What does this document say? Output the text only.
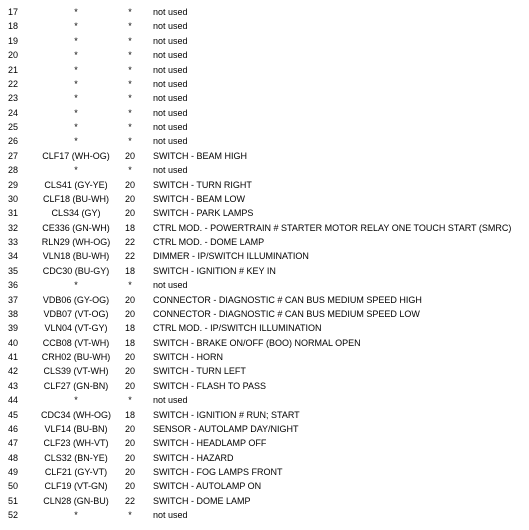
17	*	*	not used
18	*	*	not used
19	*	*	not used
20	*	*	not used
21	*	*	not used
22	*	*	not used
23	*	*	not used
24	*	*	not used
25	*	*	not used
26	*	*	not used
27	CLF17 (WH-OG)	20	SWITCH - BEAM HIGH
28	*	*	not used
29	CLS41 (GY-YE)	20	SWITCH - TURN RIGHT
30	CLF18 (BU-WH)	20	SWITCH - BEAM LOW
31	CLS34 (GY)	20	SWITCH - PARK LAMPS
32	CE336 (GN-WH)	18	CTRL MOD. - POWERTRAIN # STARTER MOTOR RELAY ONE TOUCH START (SMRC)
33	RLN29 (WH-OG)	22	CTRL MOD. - DOME LAMP
34	VLN18 (BU-WH)	22	DIMMER - IP/SWITCH ILLUMINATION
35	CDC30 (BU-GY)	18	SWITCH - IGNITION # KEY IN
36	*	*	not used
37	VDB06 (GY-OG)	20	CONNECTOR - DIAGNOSTIC # CAN BUS MEDIUM SPEED HIGH
38	VDB07 (VT-OG)	20	CONNECTOR - DIAGNOSTIC # CAN BUS MEDIUM SPEED LOW
39	VLN04 (VT-GY)	18	CTRL MOD. - IP/SWITCH ILLUMINATION
40	CCB08 (VT-WH)	18	SWITCH - BRAKE ON/OFF (BOO) NORMAL OPEN
41	CRH02 (BU-WH)	20	SWITCH - HORN
42	CLS39 (VT-WH)	20	SWITCH - TURN LEFT
43	CLF27 (GN-BN)	20	SWITCH - FLASH TO PASS
44	*	*	not used
45	CDC34 (WH-OG)	18	SWITCH - IGNITION # RUN; START
46	VLF14 (BU-BN)	20	SENSOR - AUTOLAMP DAY/NIGHT
47	CLF23 (WH-VT)	20	SWITCH - HEADLAMP OFF
48	CLS32 (BN-YE)	20	SWITCH - HAZARD
49	CLF21 (GY-VT)	20	SWITCH - FOG LAMPS FRONT
50	CLF19 (VT-GN)	20	SWITCH - AUTOLAMP ON
51	CLN28 (GN-BU)	22	SWITCH - DOME LAMP
52	*	*	not used
